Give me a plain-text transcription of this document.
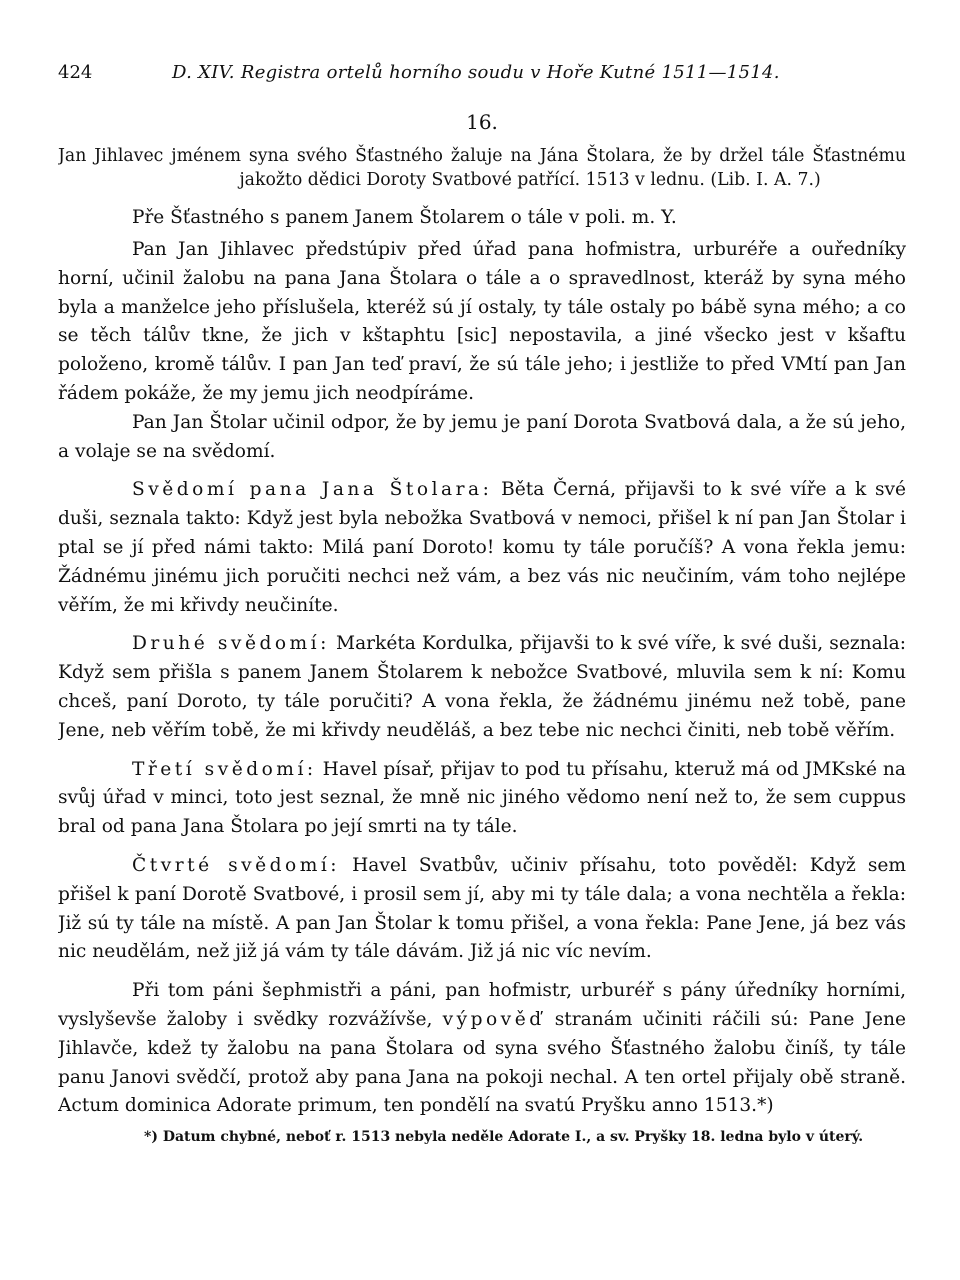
424	D. XIV. Registra ortelů horního soudu v Hoře Kutné 1511—1514.
16.
Jan Jihlavec jménem syna svého Šťastného žaluje na Jána Štolara, že by držel tále Šťastnému jakožto dědici Doroty Svatbové patřící. 1513 v lednu. (Lib. I. A. 7.)
Pře Šťastného s panem Janem Štolarem o tále v poli. m. Y.

Pan Jan Jihlavec předstúpiv před úřad pana hofmistra, urburéře a ouředníky horní, učinil žalobu na pana Jana Štolara o tále a o spravedlnost, kteráž by syna mého byla a manželce jeho příslušela, kteréž sú jí ostaly, ty tále ostaly po bábě syna mého; a co se těch tálův tkne, že jich v kštaphtu [sic] nepostavila, a jiné všecko jest v kšaftu položeno, kromě tálův. I pan Jan teď praví, že sú tále jeho; i jestliže to před VMtí pan Jan řádem pokáže, že my jemu jich neodpíráme.

Pan Jan Štolar učinil odpor, že by jemu je paní Dorota Svatbová dala, a že sú jeho, a volaje se na svědomí.

Svědomí pana Jana Štolara: Běta Černá, přijavši to k své víře a k své duši, seznala takto: Když jest byla nebožka Svatbová v nemoci, přišel k ní pan Jan Štolar i ptal se jí před námi takto: Milá paní Doroto! komu ty tále poručíš? A vona řekla jemu: Žádnému jinému jich poručiti nechci než vám, a bez vás nic neučiním, vám toho nejlépe věřím, že mi křivdy neučiníte.

Druhé svědomí: Markéta Kordulka, přijavši to k své víře, k své duši, seznala: Když sem přišla s panem Janem Štolarem k nebožce Svatbové, mluvila sem k ní: Komu chceš, paní Doroto, ty tále poručiti? A vona řekla, že žádnému jinému než tobě, pane Jene, neb věřím tobě, že mi křivdy neuděláš, a bez tebe nic nechci činiti, neb tobě věřím.

Třetí svědomí: Havel písař, přijav to pod tu přísahu, kteruž má od JMKské na svůj úřad v minci, toto jest seznal, že mně nic jiného vědomo není než to, že sem cuppus bral od pana Jana Štolara po její smrti na ty tále.

Čtvrté svědomí: Havel Svatbův, učiniv přísahu, toto pověděl: Když sem přišel k paní Dorotě Svatbové, i prosil sem jí, aby mi ty tále dala; a vona nechtěla a řekla: Již sú ty tále na místě. A pan Jan Štolar k tomu přišel, a vona řekla: Pane Jene, já bez vás nic neudělám, než již já vám ty tále dávám. Již já nic víc nevím.

Při tom páni šephmistři a páni, pan hofmistr, urburéř s pány úředníky horními, vyslyševše žaloby i svědky rozvážívše, výpověď stranám učiniti ráčili sú: Pane Jene Jihlavče, kdež ty žalobu na pana Štolara od syna svého Šťastného žalobu činíš, ty tále panu Janovi svědčí, protož aby pana Jana na pokoji nechal. A ten ortel přijaly obě straně. Actum dominica Adorate primum, ten pondělí na svatú Pryšku anno 1513.*)

*) Datum chybné, neboť r. 1513 nebyla neděle Adorate I., a sv. Pryšky 18. ledna bylo v úterý.
